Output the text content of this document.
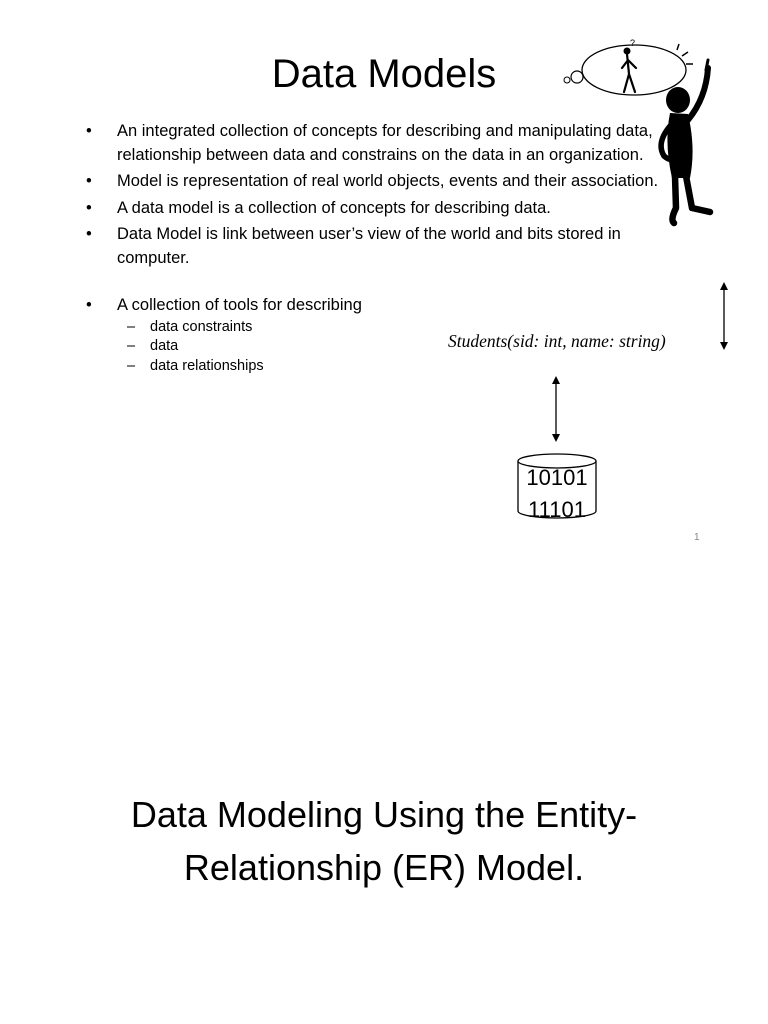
Data Models
• An integrated collection of concepts for describing and manipulating data, relationship between data and constrains on the data in an organization.
• Model is representation of real world objects, events and their association.
• A data model is a collection of concepts for describing data.
• Data Model is link between user’s view of the world and bits stored in computer.
• A collection of tools for describing
– data constraints
– data
– data relationships
?
Students(sid: int, name: string)
10101
11101
1
Data Modeling Using the Entity-
Relationship (ER) Model.
